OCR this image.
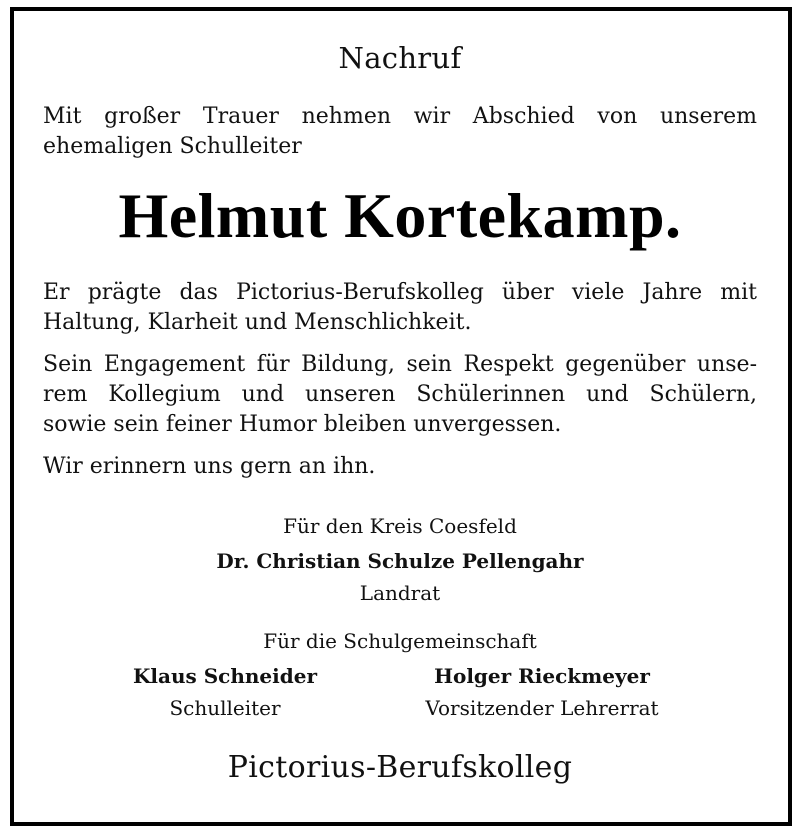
Nachruf
Mit großer Trauer nehmen wir Abschied von unserem
ehemaligen Schulleiter
Helmut Kortekamp.
Er prägte das Pictorius-Berufskolleg über viele Jahre mit
Haltung, Klarheit und Menschlichkeit.
Sein Engagement für Bildung, sein Respekt gegenüber unse-
rem Kollegium und unseren Schülerinnen und Schülern,
sowie sein feiner Humor bleiben unvergessen.
Wir erinnern uns gern an ihn.
Für den Kreis Coesfeld
Dr. Christian Schulze Pellengahr
Landrat
Für die Schulgemeinschaft
Klaus Schneider
Schulleiter
Holger Rieckmeyer
Vorsitzender Lehrerrat
Pictorius-Berufskolleg
